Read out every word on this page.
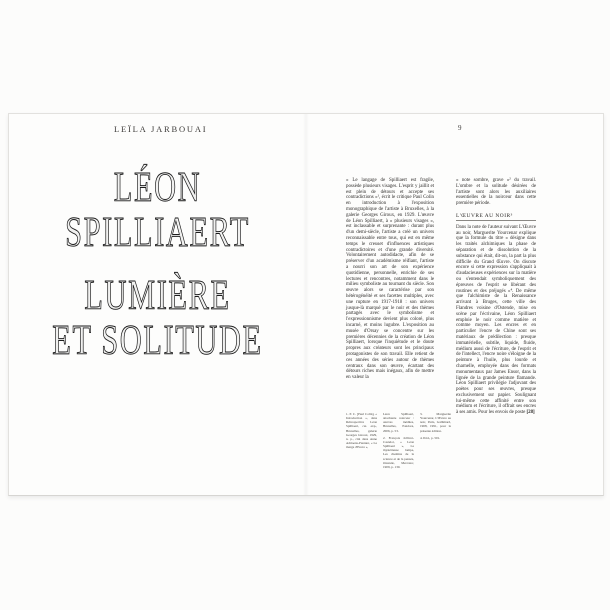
LEÏLA JARBOUAI
LÉON
SPILLIAERT
LUMIÈRE
ET SOLITUDE
9

« Le langage de Spilliaert est fragile, possède plusieurs visages. L'esprit y jaillit et est plein de détours et accepte ses contradictions »¹, écrit le critique Paul Colin en introduction à l'exposition monographique de l'artiste à Bruxelles, à la galerie Georges Giroux, en 1929. L'œuvre de Léon Spilliaert, à « plusieurs visages », est inclassable et surprenante : durant plus d'un demi-siècle, l'artiste a créé un univers reconnaissable entre tous, qui est en même temps le creuset d'influences artistiques contradictoires et d'une grande diversité. Volontairement autodidacte, afin de se préserver d'un académisme réifiant, l'artiste a nourri son art de son expérience quotidienne, personnelle, enrichie de ses lectures et rencontres, notamment dans le milieu symboliste au tournant du siècle. Son œuvre alors se caractérise par son hétérogénéité et ses facettes multiples, avec une rupture en 1917-1918 : son univers jusque-là marqué par le noir et des thèmes partagés avec le symbolisme et l'expressionnisme devient plus coloré, plus incarné, et moins lugubre. L'exposition au musée d'Orsay se concentre sur les premières décennies de la création de Léon Spilliaert, lorsque l'inquiétude et le doute propres aux créateurs sont les principaux protagonistes de son travail. Elle retient de ces années des séries autour de thèmes centraux dans son œuvre, écartant des détours riches mais inégaux, afin de mettre en valeur la

« note sombre, grave »² du travail. L'ombre et la solitude désirées de l'artiste sont alors les auxiliaires essentielles de la noirceur dans cette première période.

L'ŒUVRE AU NOIR³

Dans la note de l'auteur suivant L'Œuvre au noir, Marguerite Yourcenar explique que la formule du titre « désigne dans les traités alchimiques la phase de séparation et de dissolution de la substance qui était, dit-on, la part la plus difficile du Grand Œuvre. On discute encore si cette expression s'appliquait à d'audacieuses expériences sur la matière ou s'entendait symboliquement des épreuves de l'esprit se libérant des routines et des préjugés »⁴. De même que l'alchimiste de la Renaissance arrivant à Bruges, cette ville des Flandres voisine d'Ostende, mise en scène par l'écrivaine, Léon Spilliaert emploie le noir comme matière et comme moyen. Les encres et en particulier l'encre de Chine sont ses matériaux de prédilection : presque immatérielle, subtile, liquide, fluide, médium aussi de l'écriture, de l'esprit et de l'intellect, l'encre noire s'éloigne de la peinture à l'huile, plus lourde et charnelle, employée dans des formats monumentaux par James Ensor, dans la lignée de la grande peinture flamande. Léon Spilliaert privilégie l'adjuvant des poètes pour ses œuvres, presque exclusivement sur papier. Soulignant lui-même cette affinité entre son médium et l'écriture, il offrait ses encres à ses amis. Pour les envois de poste [28]

1. P. C. [Paul Colin], « Introduction », dans Rétrospective Léon Spilliaert, cat. exp., Bruxelles, galerie Georges Giroux, 1929, n. p., cité dans Anne Adriaens-Pannier, « La marge d'Encre »,

Léon Spilliaert, attachante noirceur : œuvres inédites, Bruxelles, Pandora, 2006, p. 53.

2. François Jollivet-Castelot, « Léon Spilliaert », La mystérieuse lampe, Les chemins de la science et de la pensée, Ostende, Mercator, 1909, p. 130.

3. Marguerite Yourcenar, L'Œuvre au noir, Paris, Gallimard, 1968, 1991, pour la présente édition.

4. Ibid., p. 501.
